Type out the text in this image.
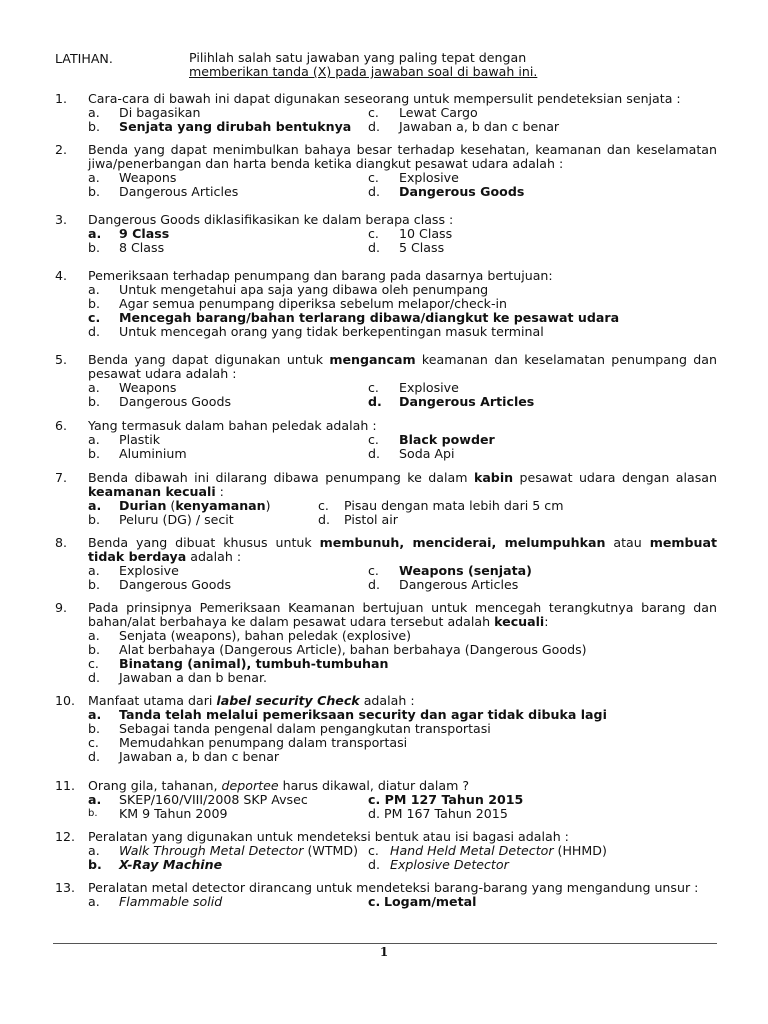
LATIHAN.	Pilihlah salah satu jawaban yang paling tepat dengan
memberikan tanda (X) pada jawaban soal di bawah ini.
1.	Cara-cara di bawah ini dapat digunakan seseorang untuk mempersulit pendeteksian senjata :
a.	Di bagasikan	c.	Lewat Cargo
b.	Senjata yang dirubah bentuknya d.	Jawaban a, b dan c benar
2.	Benda yang dapat menimbulkan bahaya besar terhadap kesehatan, keamanan dan keselamatan jiwa/penerbangan dan harta benda ketika diangkut pesawat udara adalah :
a.	Weapons	c.	Explosive
b.	Dangerous Articles	d.	Dangerous Goods
3.	Dangerous Goods diklasifikasikan ke dalam berapa class :
a.	9 Class	c.	10 Class
b.	8 Class	d.	5 Class
4.	Pemeriksaan terhadap penumpang dan barang pada dasarnya bertujuan:
a.	Untuk mengetahui apa saja yang dibawa oleh penumpang
b.	Agar semua penumpang diperiksa sebelum melapor/check-in
c.	Mencegah barang/bahan terlarang dibawa/diangkut ke pesawat udara
d.	Untuk mencegah orang yang tidak berkepentingan masuk terminal
5.	Benda yang dapat digunakan untuk mengancam keamanan dan keselamatan penumpang dan pesawat udara adalah :
a.	Weapons	c.	Explosive
b.	Dangerous Goods	d.	Dangerous Articles
6.	Yang termasuk dalam bahan peledak adalah :
a.	Plastik	c.	Black powder
b.	Aluminium	d.	Soda Api
7.	Benda dibawah ini dilarang dibawa penumpang ke dalam kabin pesawat udara dengan alasan keamanan kecuali :
a.	Durian (kenyamanan)	c.	Pisau dengan mata lebih dari 5 cm
b.	Peluru (DG) / secit	d.	Pistol air
8.	Benda yang dibuat khusus untuk membunuh, menciderai, melumpuhkan atau membuat tidak berdaya adalah :
a.	Explosive	c.	Weapons (senjata)
b.	Dangerous Goods	d.	Dangerous Articles
9.	Pada prinsipnya Pemeriksaan Keamanan bertujuan untuk mencegah terangkutnya barang dan bahan/alat berbahaya ke dalam pesawat udara tersebut adalah kecuali:
a.	Senjata (weapons), bahan peledak (explosive)
b.	Alat berbahaya (Dangerous Article), bahan berbahaya (Dangerous Goods)
c.	Binatang (animal), tumbuh-tumbuhan
d.	Jawaban a dan b benar.
10.	Manfaat utama dari label security Check adalah :
a.	Tanda telah melalui pemeriksaan security dan agar tidak dibuka lagi
b.	Sebagai tanda pengenal dalam pengangkutan transportasi
c.	Memudahkan penumpang dalam transportasi
d.	Jawaban a, b dan c benar
11.	Orang gila, tahanan, deportee harus dikawal, diatur dalam ?
a.	SKEP/160/VIII/2008 SKP Avsec	c. PM 127 Tahun 2015
b.	KM 9 Tahun 2009	d. PM 167 Tahun 2015
12.	Peralatan yang digunakan untuk mendeteksi bentuk atau isi bagasi adalah :
a.	Walk Through Metal Detector (WTMD) c. Hand Held Metal Detector (HHMD)
b.	X-Ray Machine	d. Explosive Detector
13.	Peralatan metal detector dirancang untuk mendeteksi barang-barang yang mengandung unsur :
a.	Flammable solid	c. Logam/metal
1
